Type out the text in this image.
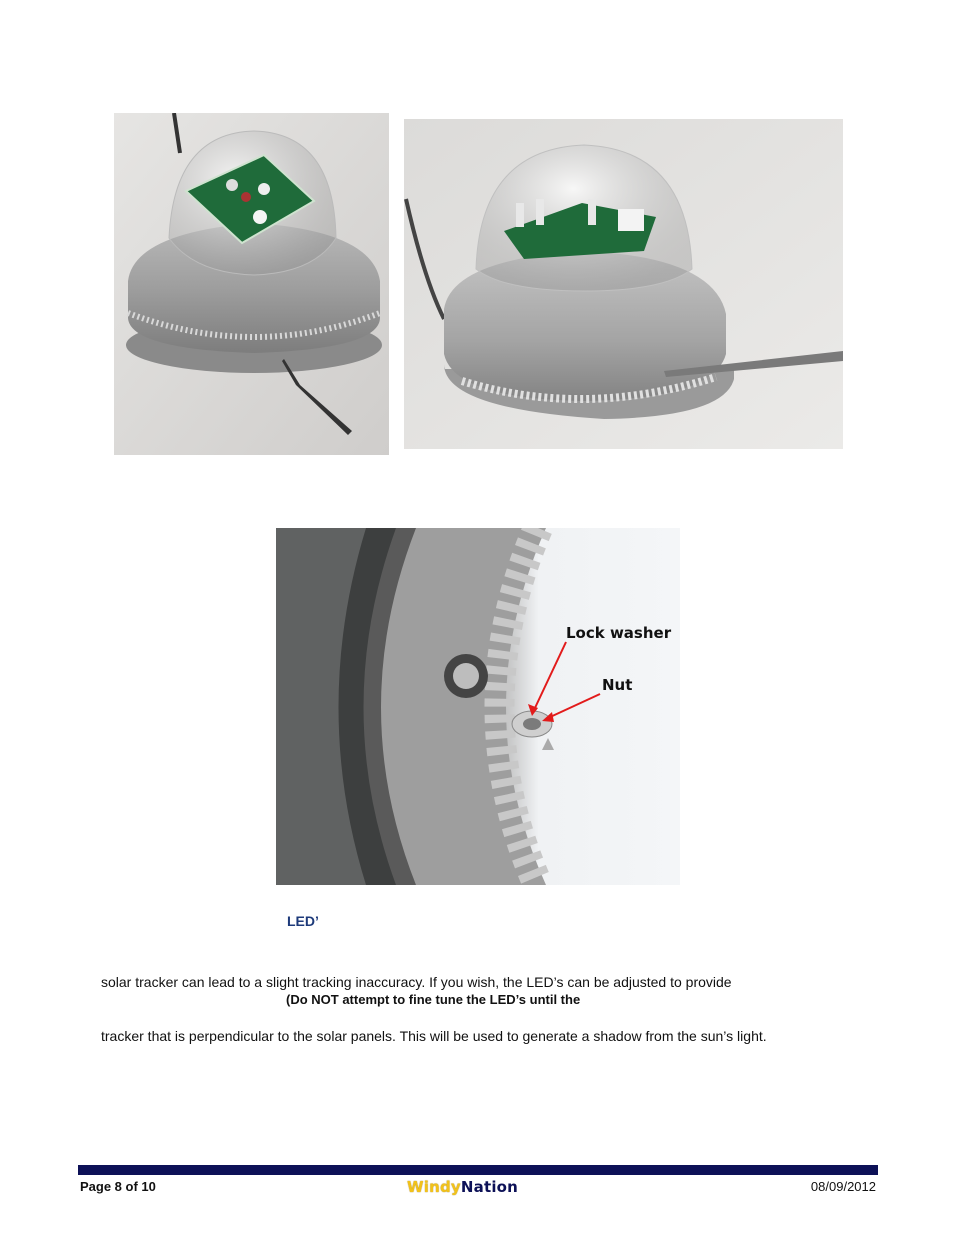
Lock washer
Nut
LED’
solar tracker can lead to a slight tracking inaccuracy. If you wish, the LED’s can be adjusted to provide
(Do NOT attempt to fine tune the LED’s until the
tracker that is perpendicular to the solar panels. This will be used to generate a shadow from the sun’s light.
Page 8 of 10	WindyNation	08/09/2012
